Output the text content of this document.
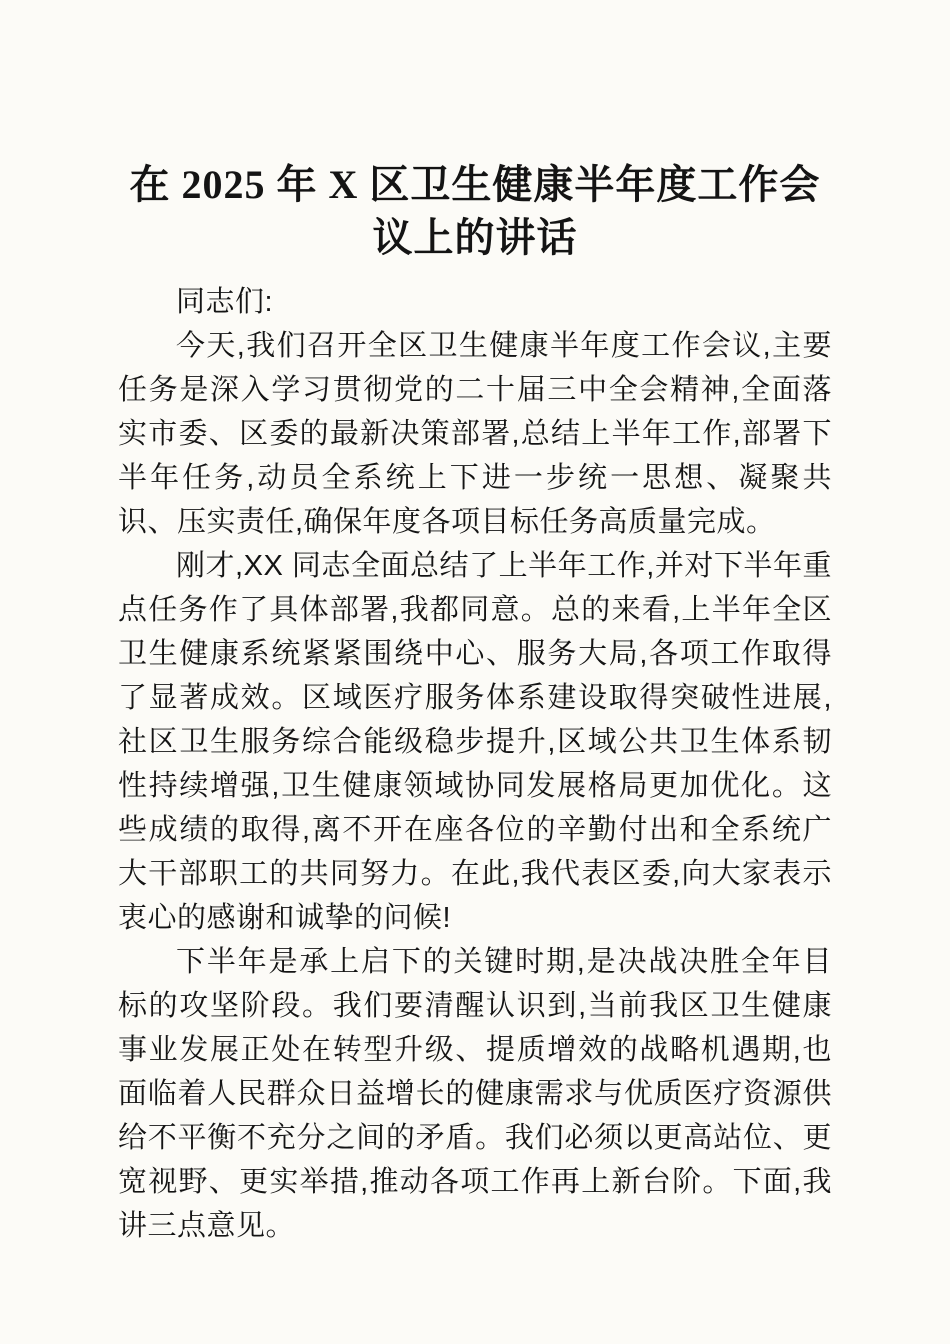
在 2025 年 X 区卫生健康半年度工作会议上的讲话

同志们:

今天,我们召开全区卫生健康半年度工作会议,主要任务是深入学习贯彻党的二十届三中全会精神,全面落实市委、区委的最新决策部署,总结上半年工作,部署下半年任务,动员全系统上下进一步统一思想、凝聚共识、压实责任,确保年度各项目标任务高质量完成。

刚才,XX 同志全面总结了上半年工作,并对下半年重点任务作了具体部署,我都同意。总的来看,上半年全区卫生健康系统紧紧围绕中心、服务大局,各项工作取得了显著成效。区域医疗服务体系建设取得突破性进展,社区卫生服务综合能级稳步提升,区域公共卫生体系韧性持续增强,卫生健康领域协同发展格局更加优化。这些成绩的取得,离不开在座各位的辛勤付出和全系统广大干部职工的共同努力。在此,我代表区委,向大家表示衷心的感谢和诚挚的问候!

下半年是承上启下的关键时期,是决战决胜全年目标的攻坚阶段。我们要清醒认识到,当前我区卫生健康事业发展正处在转型升级、提质增效的战略机遇期,也面临着人民群众日益增长的健康需求与优质医疗资源供给不平衡不充分之间的矛盾。我们必须以更高站位、更宽视野、更实举措,推动各项工作再上新台阶。下面,我讲三点意见。
